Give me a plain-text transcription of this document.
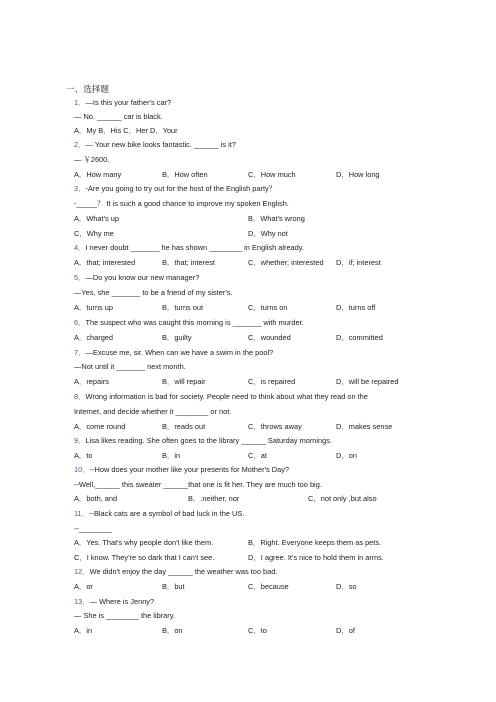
一、选择题
1．—Is this your father's car?
— No. ______ car is black.
A．My B．His C．Her D．Your
2．— Your new bike looks fantastic. ______ is it?
— ￥2600.
A．How many	B．How often	C．How much	D．How long
3．-Are you going to try out for the host of the English party？
-_____？ It is such a good chance to improve my spoken English.
A．What's up	B．What's wrong
C．Why me	D．Why not
4．I never doubt _______ he has shown ________ in English already.
A．that; interested	B．that; interest	C．whether; interested D．if; interest
5．—Do you know our new manager?
—Yes, she _______ to be a friend of my sister's.
A．turns up	B．turns out	C．turns on	D．turns off
6．The suspect who was caught this morning is _______ with murder.
A．charged	B．guilty	C．wounded	D．committed
7．—Excuse me, sir. When can we have a swim in the pool?
—Not until it _______ next month.
A．repairs	B．will repair	C．is repaired	D．will be repaired
8．Wrong information is bad for society. People need to think about what they read on the
Internet, and decide whether it ________ or not.
A．come round	B．reads out	C．throws away	D．makes sense
9．Lisa likes reading. She often goes to the library ______ Saturday mornings.
A．to	B．in	C．at	D．on
10．--How does your mother like your presents for Mother's Day?
--Well,______ this sweater ______that one is fit her. They are much too big.
A．both, and	B．.neither, nor	C．not only ,but also
11．--Black cats are a symbol of bad luck in the US.
--________
A．Yes. That's why people don't like them.	B．Right. Everyone keeps them as pets.
C．I know. They're so dark that I can't see.	D．I agree. It's nice to hold them in arms.
12．We didn't enjoy the day ______ the weather was too bad.
A．or	B．but	C．because	D．so
13．— Where is Jenny?
— She is ________ the library.
A．in	B．on	C．to	D．of
